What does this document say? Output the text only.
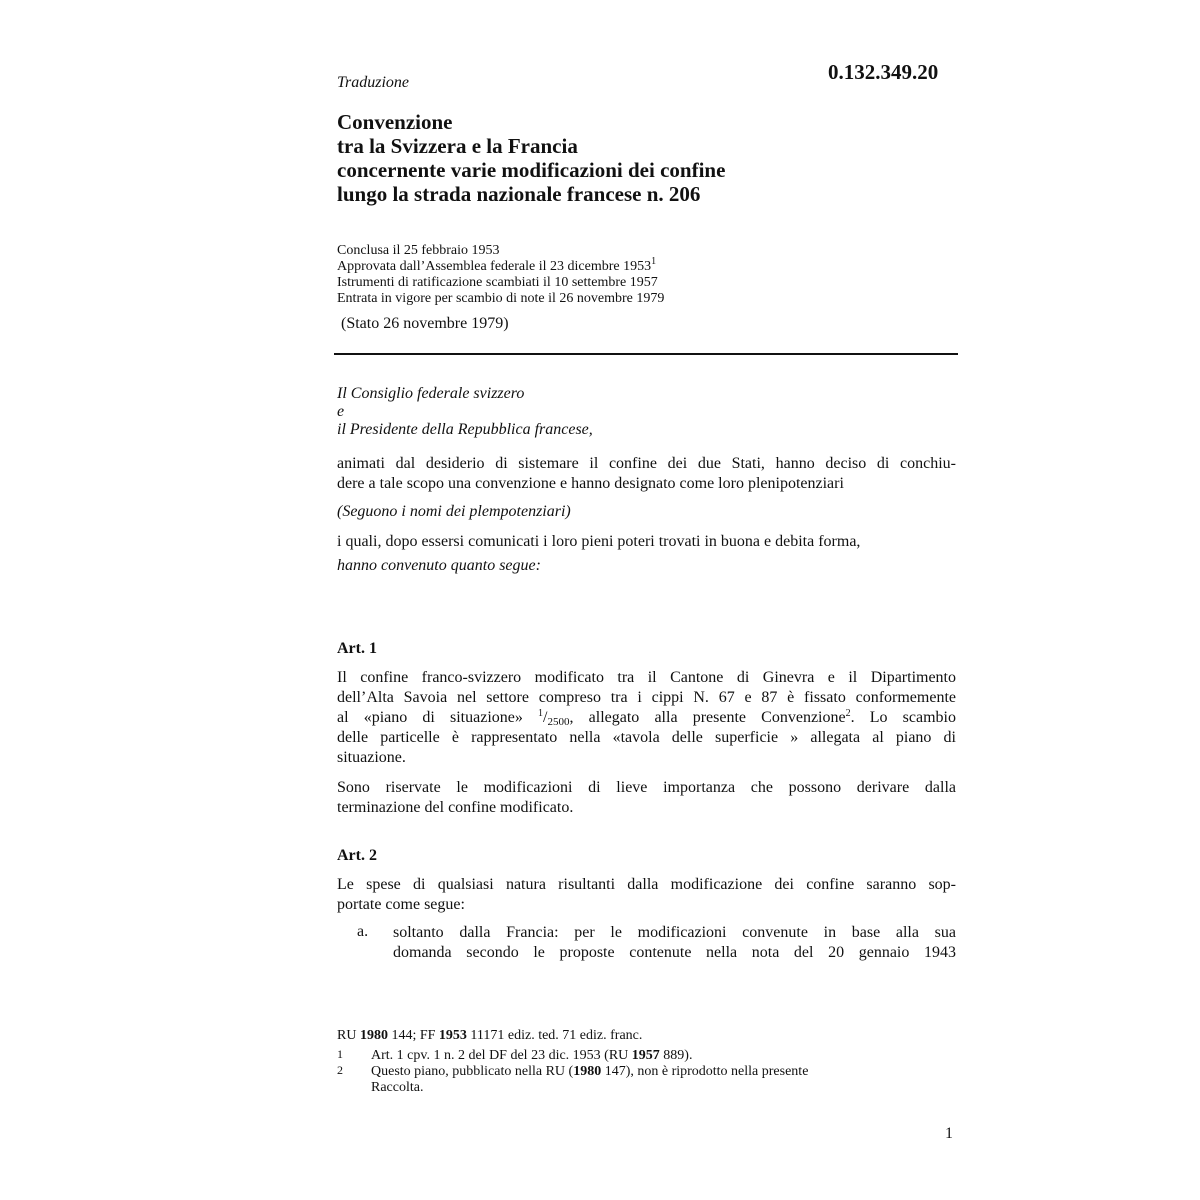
0.132.349.20
Traduzione
Convenzione
tra la Svizzera e la Francia
concernente varie modificazioni dei confine
lungo la strada nazionale francese n. 206
Conclusa il 25 febbraio 1953
Approvata dall’Assemblea federale il 23 dicembre 1953$^1$
Istrumenti di ratificazione scambiati il 10 settembre 1957
Entrata in vigore per scambio di note il 26 novembre 1979
(Stato 26 novembre 1979)
Il Consiglio federale svizzero
e
il Presidente della Repubblica francese,
animati dal desiderio di sistemare il confine dei due Stati, hanno deciso di conchiu-
dere a tale scopo una convenzione e hanno designato come loro plenipotenziari
(Seguono i nomi dei plempotenziari)
i quali, dopo essersi comunicati i loro pieni poteri trovati in buona e debita forma,
hanno convenuto quanto segue:
Art. 1
Il confine franco-svizzero modificato tra il Cantone di Ginevra e il Dipartimento
dell’Alta Savoia nel settore compreso tra i cippi N. 67 e 87 è fissato conformemente
al «piano di situazione» $^1/_{2500}$, allegato alla presente Convenzione$^2$. Lo scambio
delle particelle è rappresentato nella «tavola delle superficie » allegata al piano di
situazione.
Sono riservate le modificazioni di lieve importanza che possono derivare dalla
terminazione del confine modificato.
Art. 2
Le spese di qualsiasi natura risultanti dalla modificazione dei confine saranno sop-
portate come segue:
a. soltanto dalla Francia: per le modificazioni convenute in base alla sua
domanda secondo le proposte contenute nella nota del 20 gennaio 1943
RU 1980 144; FF 1953 11171 ediz. ted. 71 ediz. franc.
1 Art. 1 cpv. 1 n. 2 del DF del 23 dic. 1953 (RU 1957 889).
2 Questo piano, pubblicato nella RU (1980 147), non è riprodotto nella presente
Raccolta.
1
